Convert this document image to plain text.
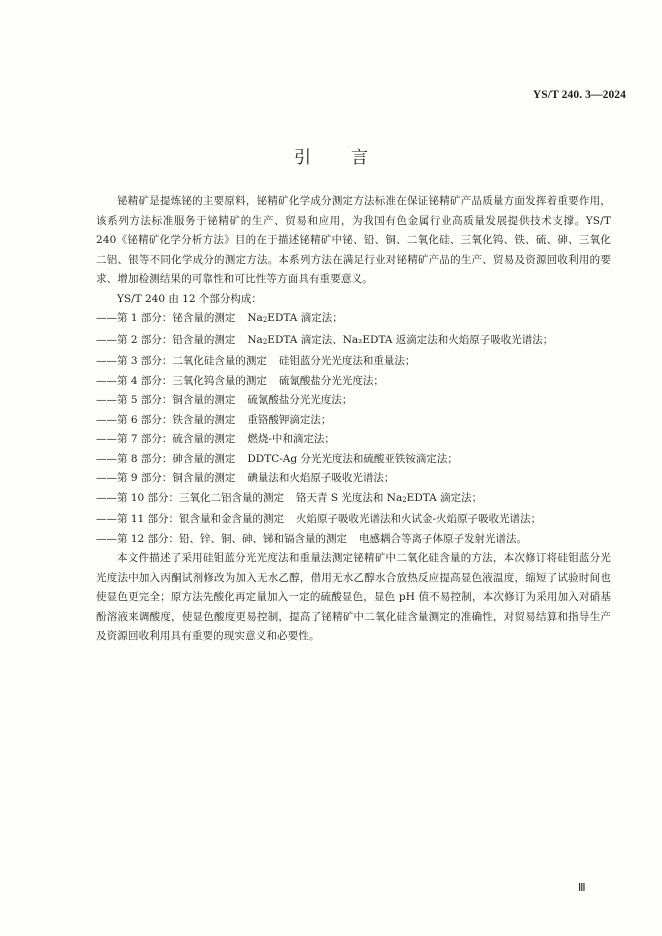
YS/T 240. 3—2024
引言

铋精矿是提炼铋的主要原料，铋精矿化学成分测定方法标准在保证铋精矿产品质量方面发挥着重要作用，该系列方法标准服务于铋精矿的生产、贸易和应用，为我国有色金属行业高质量发展提供技术支撑。YS/T 240《铋精矿化学分析方法》目的在于描述铋精矿中铋、铅、铜、二氧化硅、三氧化钨、铁、硫、砷、三氧化二铝、银等不同化学成分的测定方法。本系列方法在满足行业对铋精矿产品的生产、贸易及资源回收利用的要求、增加检测结果的可靠性和可比性等方面具有重要意义。

YS/T 240 由 12 个部分构成：

——第 1 部分：铋含量的测定 $Na_2EDTA$ 滴定法；

——第 2 部分：铅含量的测定 $Na_2EDTA$ 滴定法、Na₂EDTA 返滴定法和火焰原子吸收光谱法；

——第 3 部分：二氧化硅含量的测定 硅钼蓝分光光度法和重量法；

——第 4 部分：三氧化钨含量的测定 硫氰酸盐分光光度法；

——第 5 部分：铜含量的测定 硫氰酸盐分光光度法；

——第 6 部分：铁含量的测定 重铬酸钾滴定法；

——第 7 部分：硫含量的测定 燃烧-中和滴定法；

——第 8 部分：砷含量的测定 DDTC-Ag 分光光度法和硫酸亚铁铵滴定法；

——第 9 部分：铜含量的测定 碘量法和火焰原子吸收光谱法；

——第 10 部分：三氧化二铝含量的测定 铬天青 S 光度法和 $Na_2EDTA$ 滴定法；

——第 11 部分：银含量和金含量的测定 火焰原子吸收光谱法和火试金-火焰原子吸收光谱法；

——第 12 部分：铅、锌、铜、砷、锑和镉含量的测定 电感耦合等离子体原子发射光谱法。

本文件描述了采用硅钼蓝分光光度法和重量法测定铋精矿中二氧化硅含量的方法，本次修订将硅钼蓝分光光度法中加入丙酮试剂修改为加入无水乙醇，借用无水乙醇水合放热反应提高显色液温度，缩短了试验时间也使显色更完全；原方法先酸化再定量加入一定的硫酸显色，显色 pH 值不易控制，本次修订为采用加入对硝基酚溶液来调酸度，使显色酸度更易控制，提高了铋精矿中二氧化硅含量测定的准确性，对贸易结算和指导生产及资源回收利用具有重要的现实意义和必要性。

Ⅲ
